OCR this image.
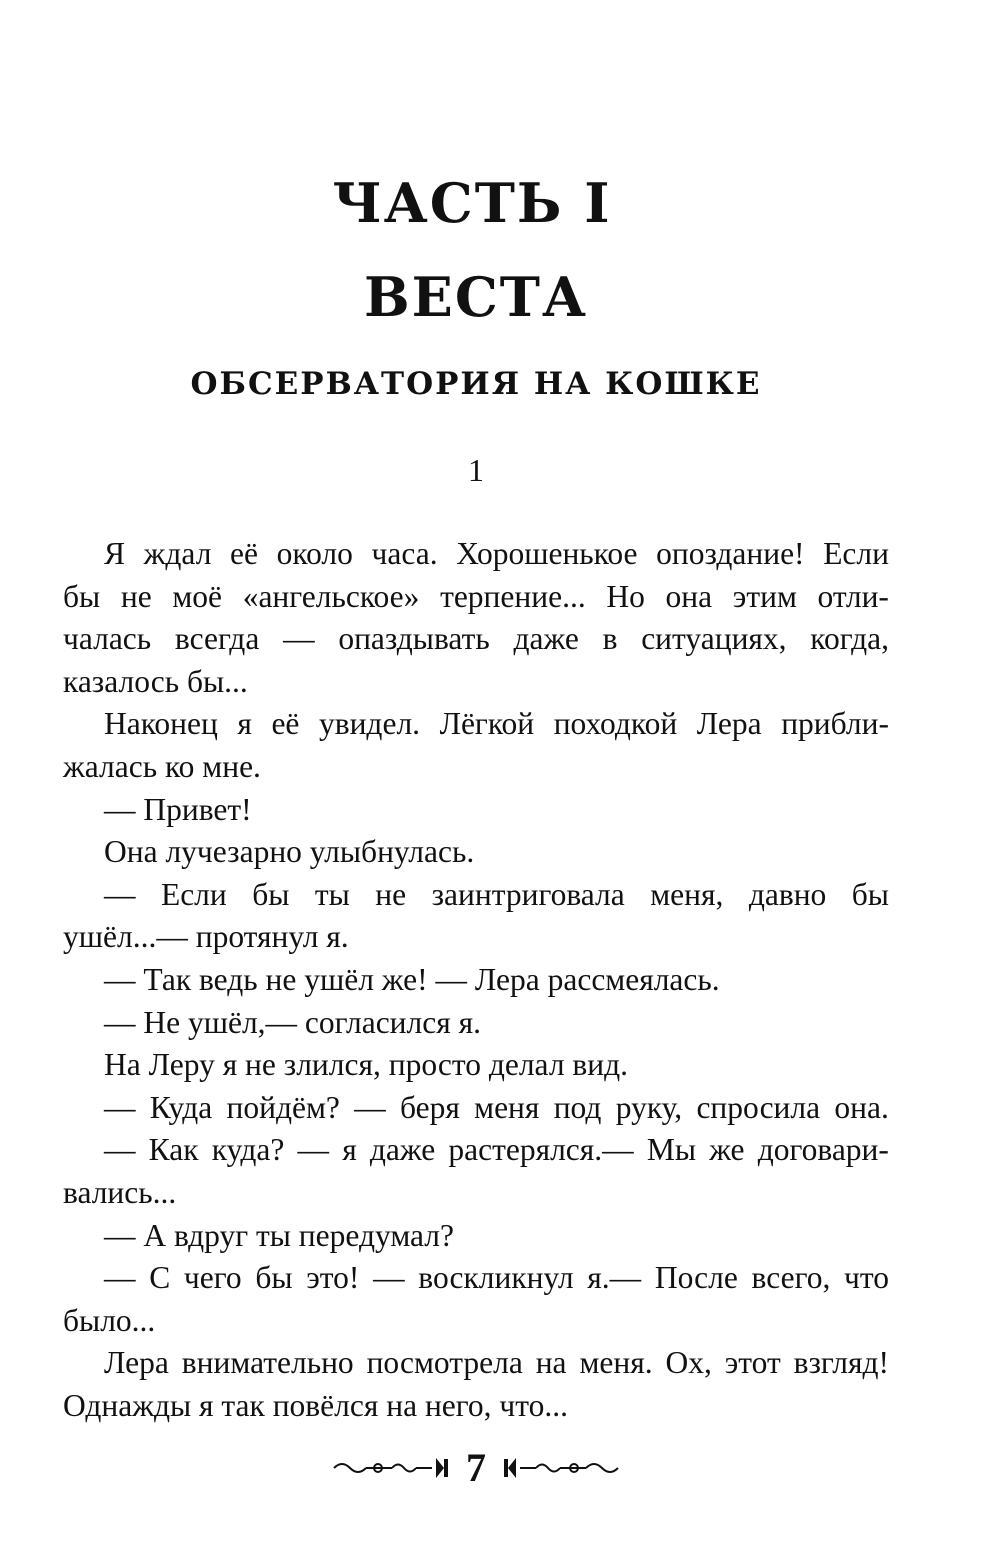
ЧАСТЬ I
ВЕСТА
ОБСЕРВАТОРИЯ НА КОШКЕ
1
Я ждал её около часа. Хорошенькое опоздание! Если
бы не моё «ангельское» терпение... Но она этим отли-
чалась всегда — опаздывать даже в ситуациях, когда,
казалось бы...
Наконец я её увидел. Лёгкой походкой Лера прибли-
жалась ко мне.
— Привет!
Она лучезарно улыбнулась.
— Если бы ты не заинтриговала меня, давно бы
ушёл...— протянул я.
— Так ведь не ушёл же! — Лера рассмеялась.
— Не ушёл,— согласился я.
На Леру я не злился, просто делал вид.
— Куда пойдём? — беря меня под руку, спросила она.
— Как куда? — я даже растерялся.— Мы же договари-
вались...
— А вдруг ты передумал?
— С чего бы это! — воскликнул я.— После всего, что
было...
Лера внимательно посмотрела на меня. Ох, этот взгляд!
Однажды я так повёлся на него, что...
7
